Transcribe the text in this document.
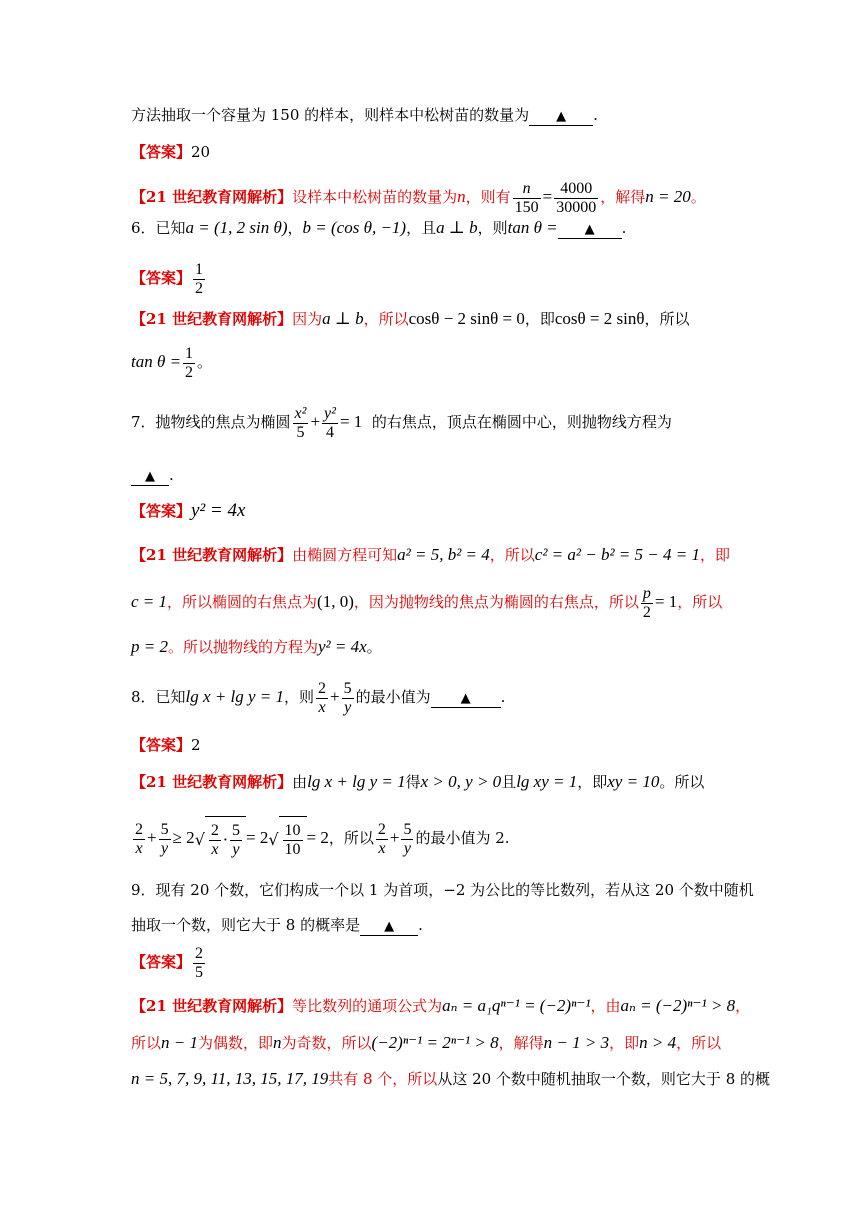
方法抽取一个容量为 150 的样本，则样本中松树苗的数量为 ▲ .
【答案】20
【21 世纪教育网解析】设样本中松树苗的数量为n，则有 $\frac{n}{150} = \frac{4000}{30000}$ ，解得n = 20。
6．已知a = (1, 2 sin θ)，b = (cos θ, −1)，且a ⊥ b，则tan θ = ▲ .
【答案】 $\frac{1}{2}$
【21 世纪教育网解析】因为a ⊥ b，所以cosθ − 2 sinθ = 0，即cosθ = 2 sinθ，所以
$\tan \theta = \frac{1}{2}$ 。
7．抛物线的焦点为椭圆 $\frac{\text{x²}}{5} + \frac{\text{y²}}{4} = 1$ 的右焦点，顶点在椭圆中心，则抛物线方程为
▲ .
【答案】y² = 4x
【21 世纪教育网解析】由椭圆方程可知a² = 5, b² = 4，所以c² = a² − b² = 5 − 4 = 1，即
c = 1，所以椭圆的右焦点为(1, 0)，因为抛物线的焦点为椭圆的右焦点，所以 $\frac{p}{2} = 1$，所以
p = 2。所以抛物线的方程为y² = 4x。
8．已知lg x + lg y = 1，则 $\frac{2}{x} + \frac{5}{y}$ 的最小值为 ▲ .
【答案】2
【21 世纪教育网解析】由lg x + lg y = 1得x > 0, y > 0且lg xy = 1，即xy = 10。所以
$\frac{2}{x} + \frac{5}{y} \ge 2√ \frac{2}{x} \cdot \frac{5}{y} = 2√ \frac{10}{10} = 2$，所以 $\frac{2}{x} + \frac{5}{y}$ 的最小值为 2.
9．现有 20 个数，它们构成一个以 1 为首项，−2 为公比的等比数列，若从这 20 个数中随机
抽取一个数，则它大于 8 的概率是 ▲ .
【答案】 $\frac{2}{5}$
【21 世纪教育网解析】等比数列的通项公式为aₙ = a₁qⁿ⁻¹ = (−2)ⁿ⁻¹，由aₙ = (−2)ⁿ⁻¹ > 8，
所以n − 1为偶数，即n为奇数，所以(−2)ⁿ⁻¹ = 2ⁿ⁻¹ > 8，解得n − 1 > 3，即n > 4，所以
n = 5, 7, 9, 11, 13, 15, 17, 19共有 8 个，所以从这 20 个数中随机抽取一个数，则它大于 8 的概
